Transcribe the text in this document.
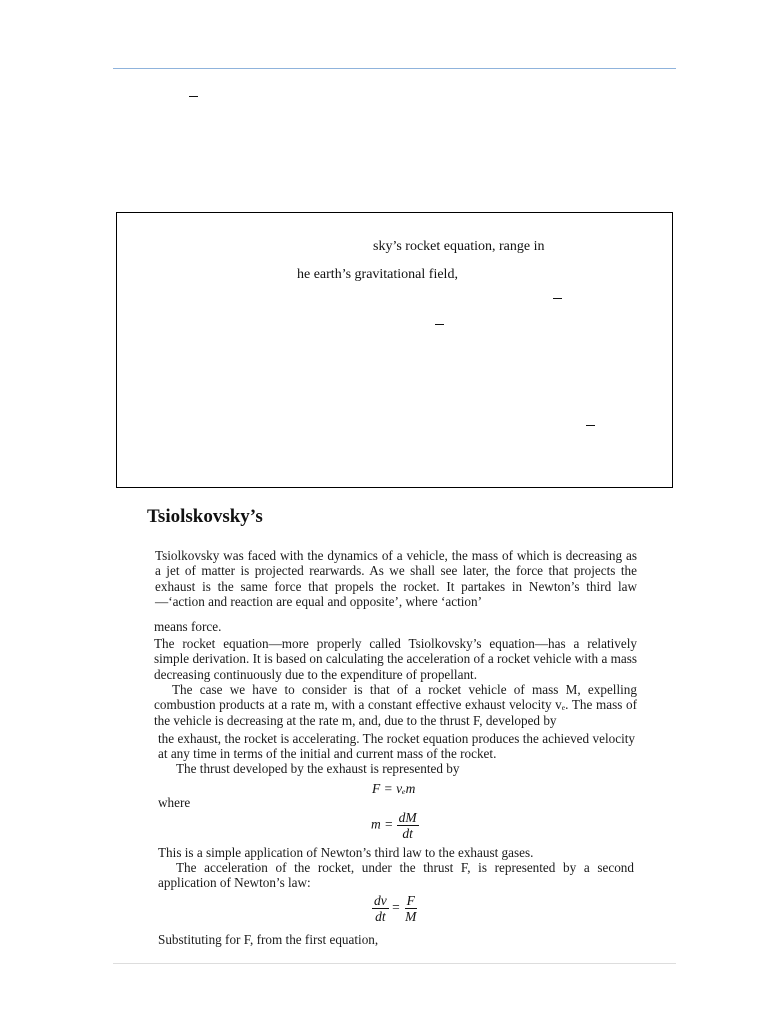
sky’s rocket equation, range in
he earth’s gravitational field,
Tsiolskovsky’s
Tsiolkovsky was faced with the dynamics of a vehicle, the mass of which is decreasing as a jet of matter is projected rearwards. As we shall see later, the force that projects the exhaust is the same force that propels the rocket. It partakes in Newton’s third law—‘action and reaction are equal and opposite’, where ‘action’
means force.
The rocket equation—more properly called Tsiolkovsky’s equation—has a relatively simple derivation. It is based on calculating the acceleration of a rocket vehicle with a mass decreasing continuously due to the expenditure of propellant.
The case we have to consider is that of a rocket vehicle of mass M, expelling combustion products at a rate m, with a constant effective exhaust velocity vₑ. The mass of the vehicle is decreasing at the rate m, and, due to the thrust F, developed by
the exhaust, the rocket is accelerating. The rocket equation produces the achieved velocity at any time in terms of the initial and current mass of the rocket.
The thrust developed by the exhaust is represented by
F = vₑm
where
$m = \frac{dM}{dt}$
This is a simple application of Newton’s third law to the exhaust gases.
The acceleration of the rocket, under the thrust F, is represented by a second application of Newton’s law:
$\frac{dv}{dt} = \frac{F}{M}$
Substituting for F, from the first equation,
